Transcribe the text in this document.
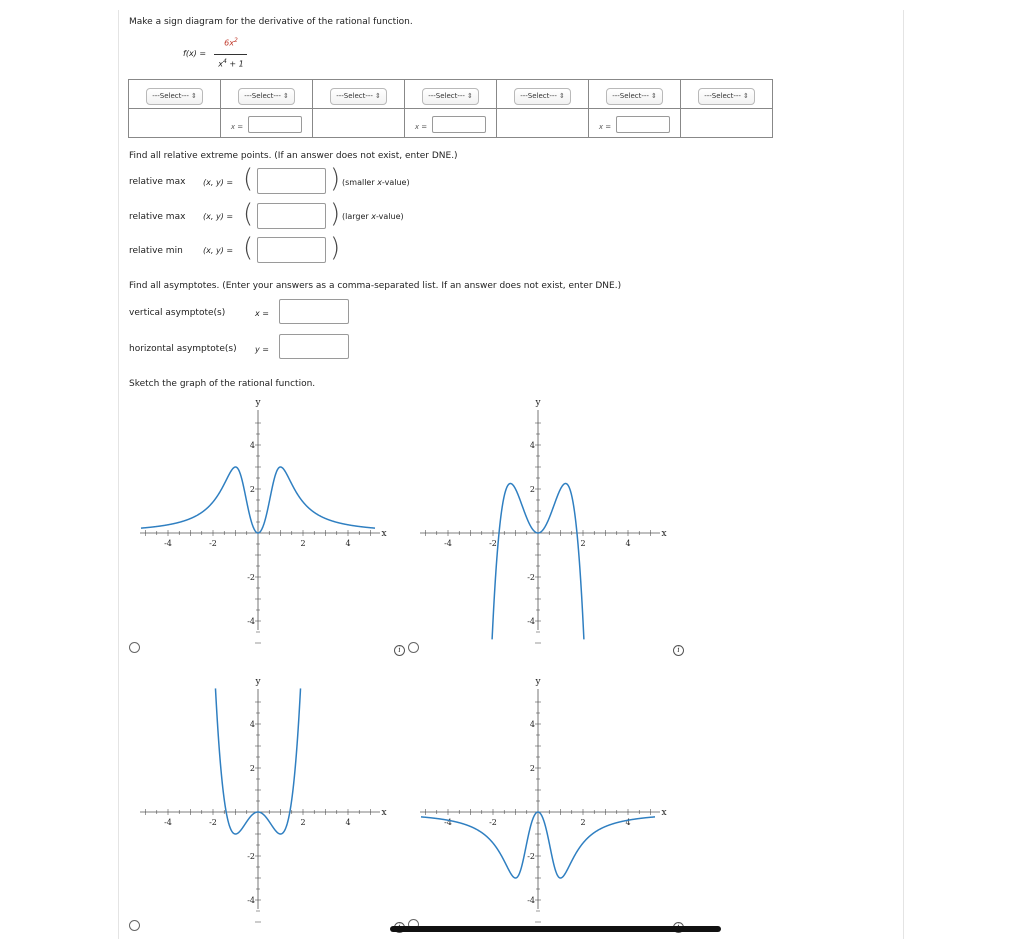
Make a sign diagram for the derivative of the rational function.
f(x) =
$6x^2$
$x^4 + 1$
---Select--- ⇕	---Select--- ⇕	---Select--- ⇕	---Select--- ⇕	---Select--- ⇕	---Select--- ⇕	---Select--- ⇕
	x =		x =		x =	
Find all relative extreme points. (If an answer does not exist, enter DNE.)
relative max (x, y) = (	) (smaller x-value)
relative max (x, y) = (	) (larger x-value)
relative min	(x, y) = (	)
Find all asymptotes. (Enter your answers as a comma-separated list. If an answer does not exist, enter DNE.)
vertical asymptote(s)	x =
horizontal asymptote(s) y =
Sketch the graph of the rational function.
-4	-2	2	4
4
2
-2
-4
x
y
-4	-2	2	4
4
2
-2
-4
x
y
-4	-2	2	4
4
2
-2
-4
x
y
-4	-2	2	4
4
2
-2
-4
x
y
i	i
